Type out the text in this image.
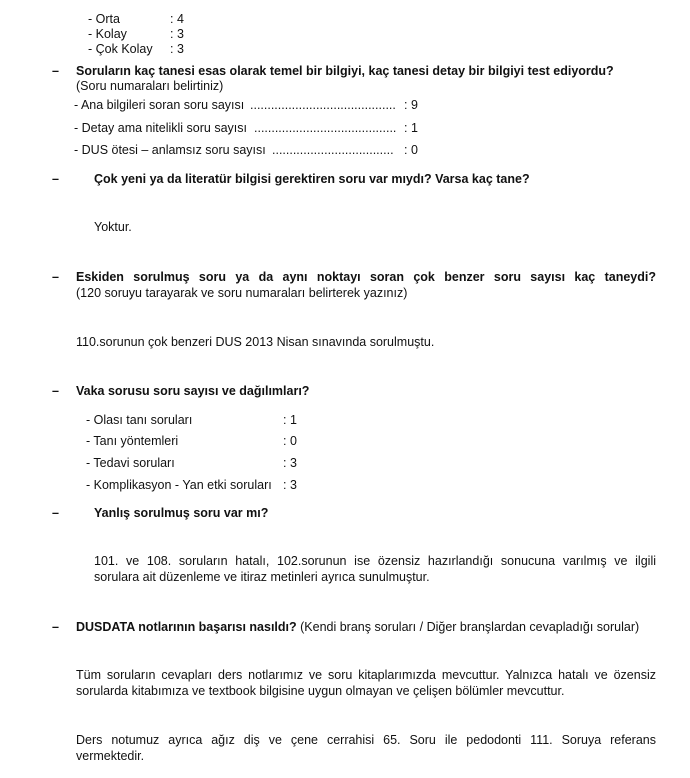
- Orta	: 4
- Kolay	: 3
- Çok Kolay : 3
– Soruların kaç tanesi esas olarak temel bir bilgiyi, kaç tanesi detay bir bilgiyi test ediyordu?
(Soru numaraları belirtiniz)
- Ana bilgileri soran soru sayısı .......................................... : 9
- Detay ama nitelikli soru sayısı ......................................... : 1
- DUS ötesi – anlamsız soru sayısı ................................... : 0
–	Çok yeni ya da literatür bilgisi gerektiren soru var mıydı? Varsa kaç tane?
Yoktur.
– Eskiden sorulmuş soru ya da aynı noktayı soran çok benzer soru sayısı kaç taneydi?
(120 soruyu tarayarak ve soru numaraları belirterek yazınız)
110.sorunun çok benzeri DUS 2013 Nisan sınavında sorulmuştu.
– Vaka sorusu soru sayısı ve dağılımları?
- Olası tanı soruları	: 1
- Tanı yöntemleri	: 0
- Tedavi soruları	: 3
- Komplikasyon - Yan etki soruları : 3
–	Yanlış sorulmuş soru var mı?
101. ve 108. soruların hatalı, 102.sorunun ise özensiz hazırlandığı sonucuna varılmış ve ilgili
sorulara ait düzenleme ve itiraz metinleri ayrıca sunulmuştur.
– DUSDATA notlarının başarısı nasıldı? (Kendi branş soruları / Diğer branşlardan cevapladığı sorular)
Tüm soruların cevapları ders notlarımız ve soru kitaplarımızda mevcuttur. Yalnızca hatalı ve özensiz
sorularda kitabımıza ve textbook bilgisine uygun olmayan ve çelişen bölümler mevcuttur.
Ders notumuz ayrıca ağız diş ve çene cerrahisi 65. Soru ile pedodonti 111. Soruya referans
vermektedir.
